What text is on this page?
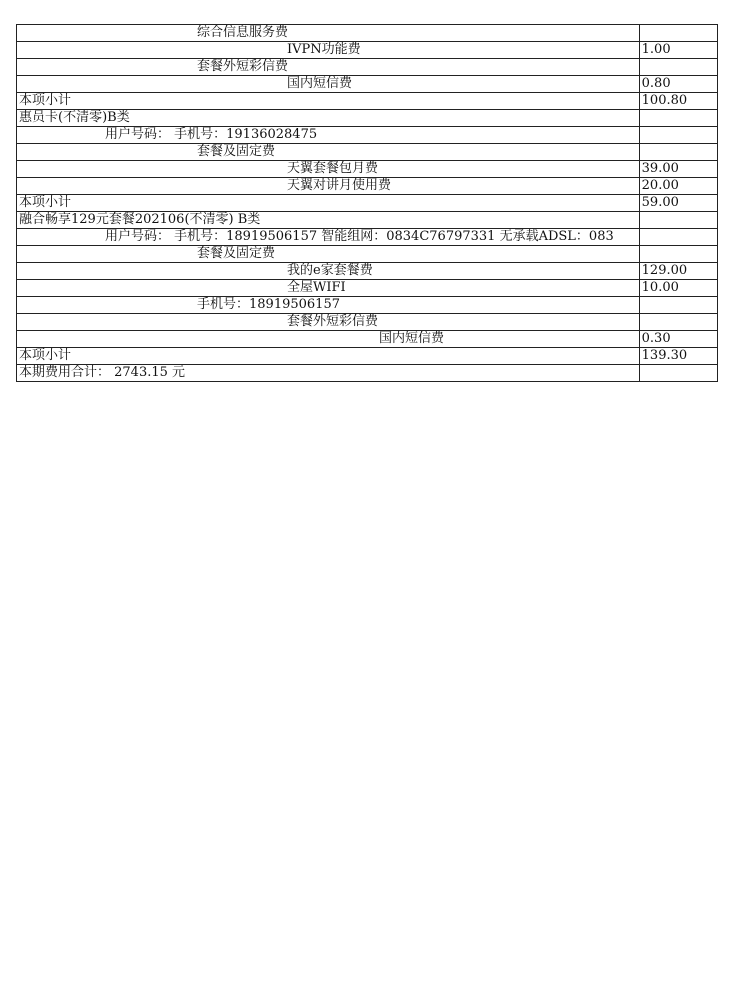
综合信息服务费	
IVPN功能费	1.00
套餐外短彩信费	
国内短信费	0.80
本项小计	100.80
惠员卡(不清零)B类	
用户号码： 手机号：19136028475	
套餐及固定费	
天翼套餐包月费	39.00
天翼对讲月使用费	20.00
本项小计	59.00
融合畅享129元套餐202106(不清零) B类	
用户号码： 手机号：18919506157 智能组网：0834C76797331 无承载ADSL：083	
套餐及固定费	
我的e家套餐费	129.00
全屋WIFI	10.00
手机号：18919506157	
套餐外短彩信费	
国内短信费	0.30
本项小计	139.30
本期费用合计： 2743.15 元	
